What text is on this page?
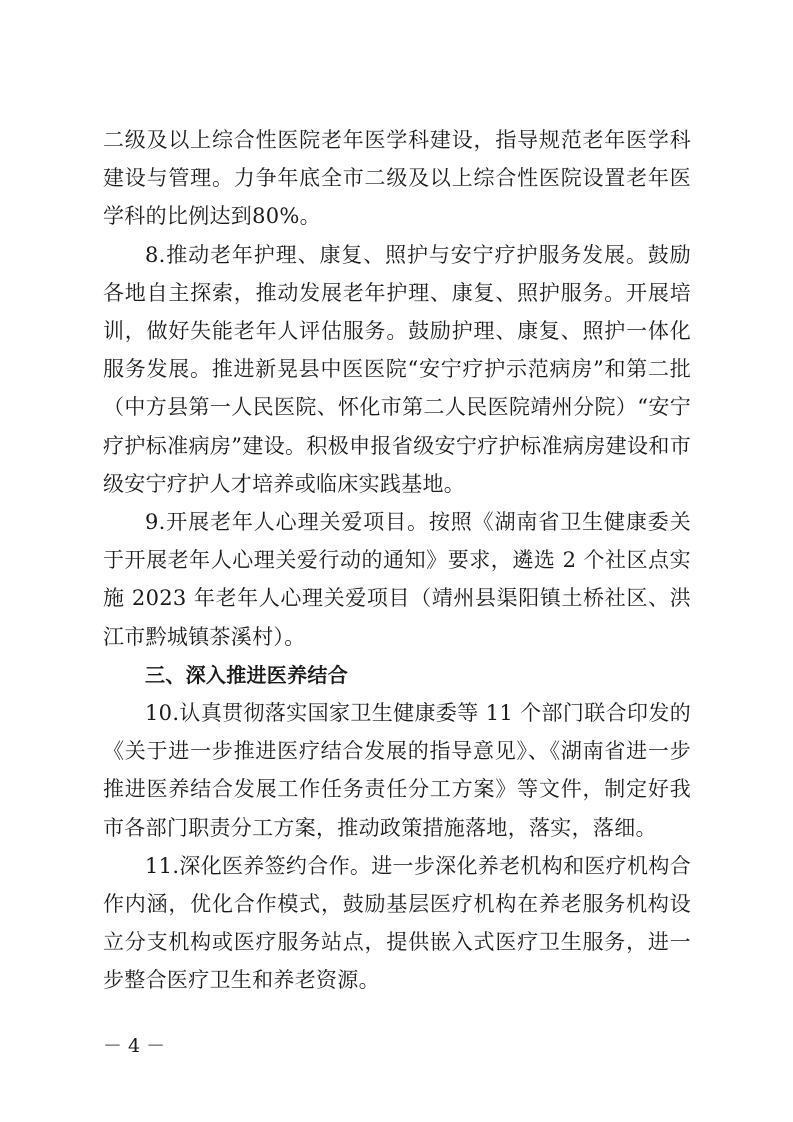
二级及以上综合性医院老年医学科建设，指导规范老年医学科建设与管理。力争年底全市二级及以上综合性医院设置老年医学科的比例达到80%。

8.推动老年护理、康复、照护与安宁疗护服务发展。鼓励各地自主探索，推动发展老年护理、康复、照护服务。开展培训，做好失能老年人评估服务。鼓励护理、康复、照护一体化服务发展。推进新晃县中医医院“安宁疗护示范病房”和第二批（中方县第一人民医院、怀化市第二人民医院靖州分院）“安宁疗护标准病房”建设。积极申报省级安宁疗护标准病房建设和市级安宁疗护人才培养或临床实践基地。

9.开展老年人心理关爱项目。按照《湖南省卫生健康委关于开展老年人心理关爱行动的通知》要求，遴选 2 个社区点实施 2023 年老年人心理关爱项目（靖州县渠阳镇土桥社区、洪江市黔城镇茶溪村）。

三、深入推进医养结合

10.认真贯彻落实国家卫生健康委等 11 个部门联合印发的《关于进一步推进医疗结合发展的指导意见》、《湖南省进一步推进医养结合发展工作任务责任分工方案》等文件，制定好我市各部门职责分工方案，推动政策措施落地，落实，落细。

11.深化医养签约合作。进一步深化养老机构和医疗机构合作内涵，优化合作模式，鼓励基层医疗机构在养老服务机构设立分支机构或医疗服务站点，提供嵌入式医疗卫生服务，进一步整合医疗卫生和养老资源。

－ 4 －
